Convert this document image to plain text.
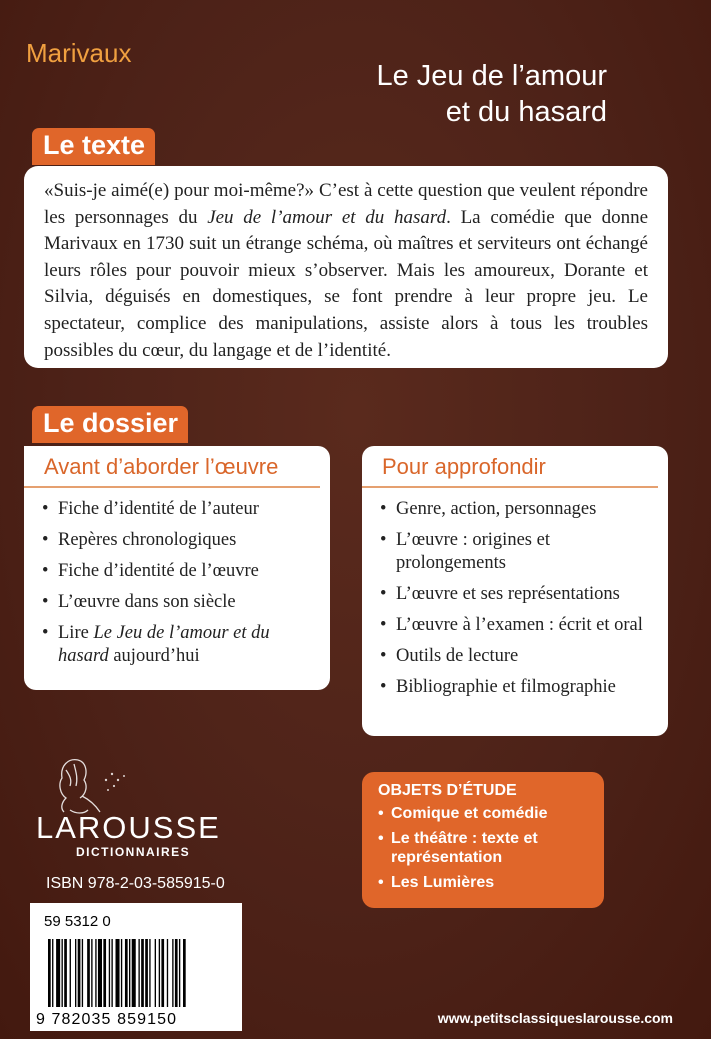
Marivaux
Le Jeu de l’amour
et du hasard
Le texte
«Suis-je aimé(e) pour moi-même?» C’est à cette question que veulent répondre les personnages du Jeu de l’amour et du hasard. La comédie que donne Marivaux en 1730 suit un étrange schéma, où maîtres et serviteurs ont échangé leurs rôles pour pouvoir mieux s’observer. Mais les amoureux, Dorante et Silvia, déguisés en domestiques, se font prendre à leur propre jeu. Le spectateur, complice des manipulations, assiste alors à tous les troubles possibles du cœur, du langage et de l’identité.
Le dossier
Avant d’aborder l’œuvre
• Fiche d’identité de l’auteur
• Repères chronologiques
• Fiche d’identité de l’œuvre
• L’œuvre dans son siècle
• Lire Le Jeu de l’amour et du hasard aujourd’hui
Pour approfondir
• Genre, action, personnages
• L’œuvre : origines et prolongements
• L’œuvre et ses représentations
• L’œuvre à l’examen : écrit et oral
• Outils de lecture
• Bibliographie et filmographie
OBJETS D’ÉTUDE
• Comique et comédie
• Le théâtre : texte et représentation
• Les Lumières
LAROUSSE
DICTIONNAIRES
ISBN 978-2-03-585915-0
59 5312 0
9 782035 859150	www.petitsclassiqueslarousse.com
